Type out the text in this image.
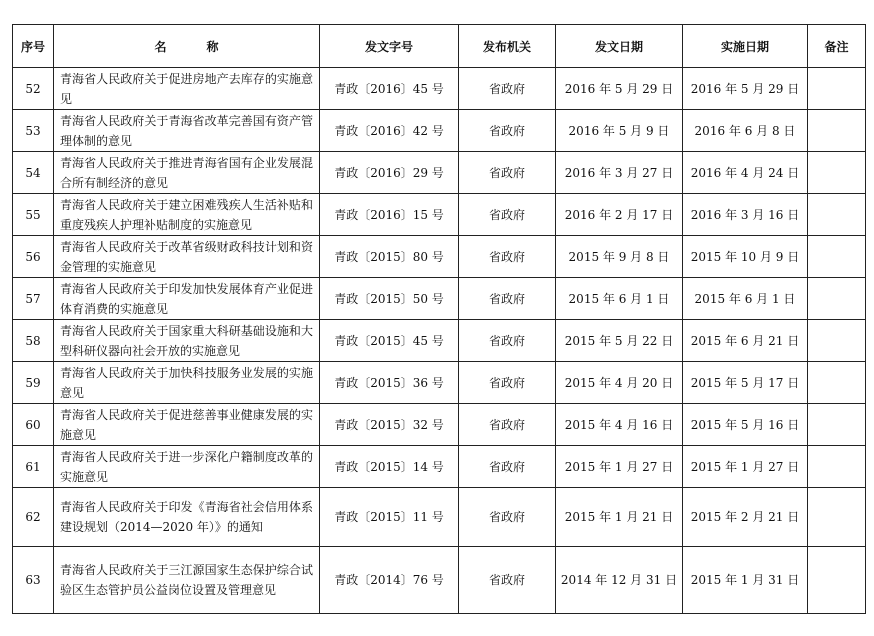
序号	名称	发文字号	发布机关	发文日期	实施日期	备注
52	青海省人民政府关于促进房地产去库存的实施意见	青政〔2016〕45 号	省政府	2016 年 5 月 29 日	2016 年 5 月 29 日	
53	青海省人民政府关于青海省改革完善国有资产管理体制的意见	青政〔2016〕42 号	省政府	2016 年 5 月 9 日	2016 年 6 月 8 日	
54	青海省人民政府关于推进青海省国有企业发展混合所有制经济的意见	青政〔2016〕29 号	省政府	2016 年 3 月 27 日	2016 年 4 月 24 日	
55	青海省人民政府关于建立困难残疾人生活补贴和重度残疾人护理补贴制度的实施意见	青政〔2016〕15 号	省政府	2016 年 2 月 17 日	2016 年 3 月 16 日	
56	青海省人民政府关于改革省级财政科技计划和资金管理的实施意见	青政〔2015〕80 号	省政府	2015 年 9 月 8 日	2015 年 10 月 9 日	
57	青海省人民政府关于印发加快发展体育产业促进体育消费的实施意见	青政〔2015〕50 号	省政府	2015 年 6 月 1 日	2015 年 6 月 1 日	
58	青海省人民政府关于国家重大科研基础设施和大型科研仪器向社会开放的实施意见	青政〔2015〕45 号	省政府	2015 年 5 月 22 日	2015 年 6 月 21 日	
59	青海省人民政府关于加快科技服务业发展的实施意见	青政〔2015〕36 号	省政府	2015 年 4 月 20 日	2015 年 5 月 17 日	
60	青海省人民政府关于促进慈善事业健康发展的实施意见	青政〔2015〕32 号	省政府	2015 年 4 月 16 日	2015 年 5 月 16 日	
61	青海省人民政府关于进一步深化户籍制度改革的实施意见	青政〔2015〕14 号	省政府	2015 年 1 月 27 日	2015 年 1 月 27 日	
62	青海省人民政府关于印发《青海省社会信用体系建设规划（2014—2020 年）》的通知	青政〔2015〕11 号	省政府	2015 年 1 月 21 日	2015 年 2 月 21 日	
63	青海省人民政府关于三江源国家生态保护综合试验区生态管护员公益岗位设置及管理意见	青政〔2014〕76 号	省政府	2014 年 12 月 31 日	2015 年 1 月 31 日	
